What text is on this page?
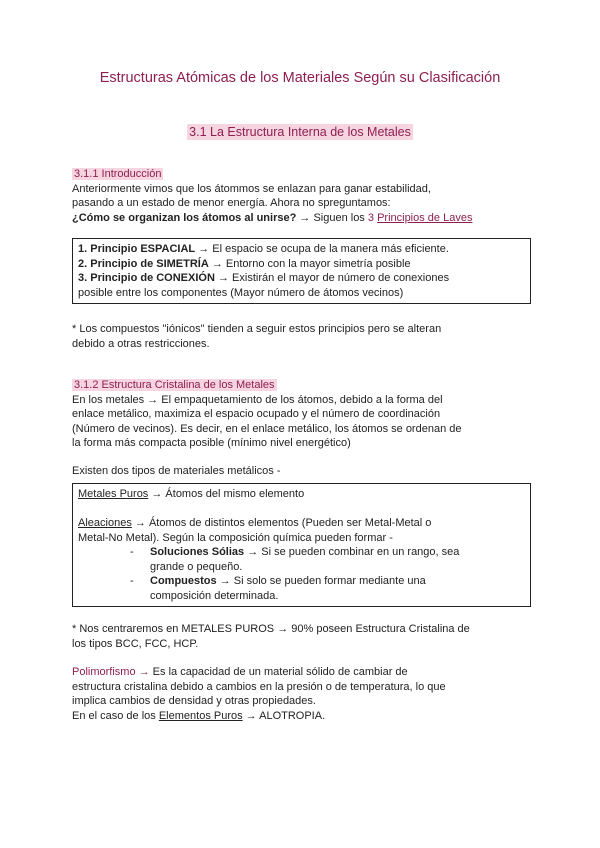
Estructuras Atómicas de los Materiales Según su Clasificación
3.1 La Estructura Interna de los Metales
3.1.1 Introducción
Anteriormente vimos que los átommos se enlazan para ganar estabilidad,
pasando a un estado de menor energía. Ahora no spreguntamos:
¿Cómo se organizan los átomos al unirse? → Siguen los 3 Principios de Laves
1. Principio ESPACIAL → El espacio se ocupa de la manera más eficiente.
2. Principio de SIMETRÍA → Entorno con la mayor simetría posible
3. Principio de CONEXIÓN → Existirán el mayor de número de conexiones
posible entre los componentes (Mayor número de átomos vecinos)
* Los compuestos "iónicos" tienden a seguir estos principios pero se alteran
debido a otras restricciones.
3.1.2 Estructura Cristalina de los Metales
En los metales → El empaquetamiento de los átomos, debido a la forma del
enlace metálico, maximiza el espacio ocupado y el número de coordinación
(Número de vecinos). Es decir, en el enlace metálico, los átomos se ordenan de
la forma más compacta posible (mínimo nivel energético)
Existen dos tipos de materiales metálicos -
Metales Puros → Átomos del mismo elemento
Aleaciones → Átomos de distintos elementos (Pueden ser Metal-Metal o
Metal-No Metal). Según la composición química pueden formar -
- Soluciones Sólias → Si se pueden combinar en un rango, sea
grande o pequeño.
- Compuestos → Si solo se pueden formar mediante una
composición determinada.
* Nos centraremos en METALES PUROS → 90% poseen Estructura Cristalina de
los tipos BCC, FCC, HCP.
Polimorfismo → Es la capacidad de un material sólido de cambiar de
estructura cristalina debido a cambios en la presión o de temperatura, lo que
implica cambios de densidad y otras propiedades.
En el caso de los Elementos Puros → ALOTROPIA.
